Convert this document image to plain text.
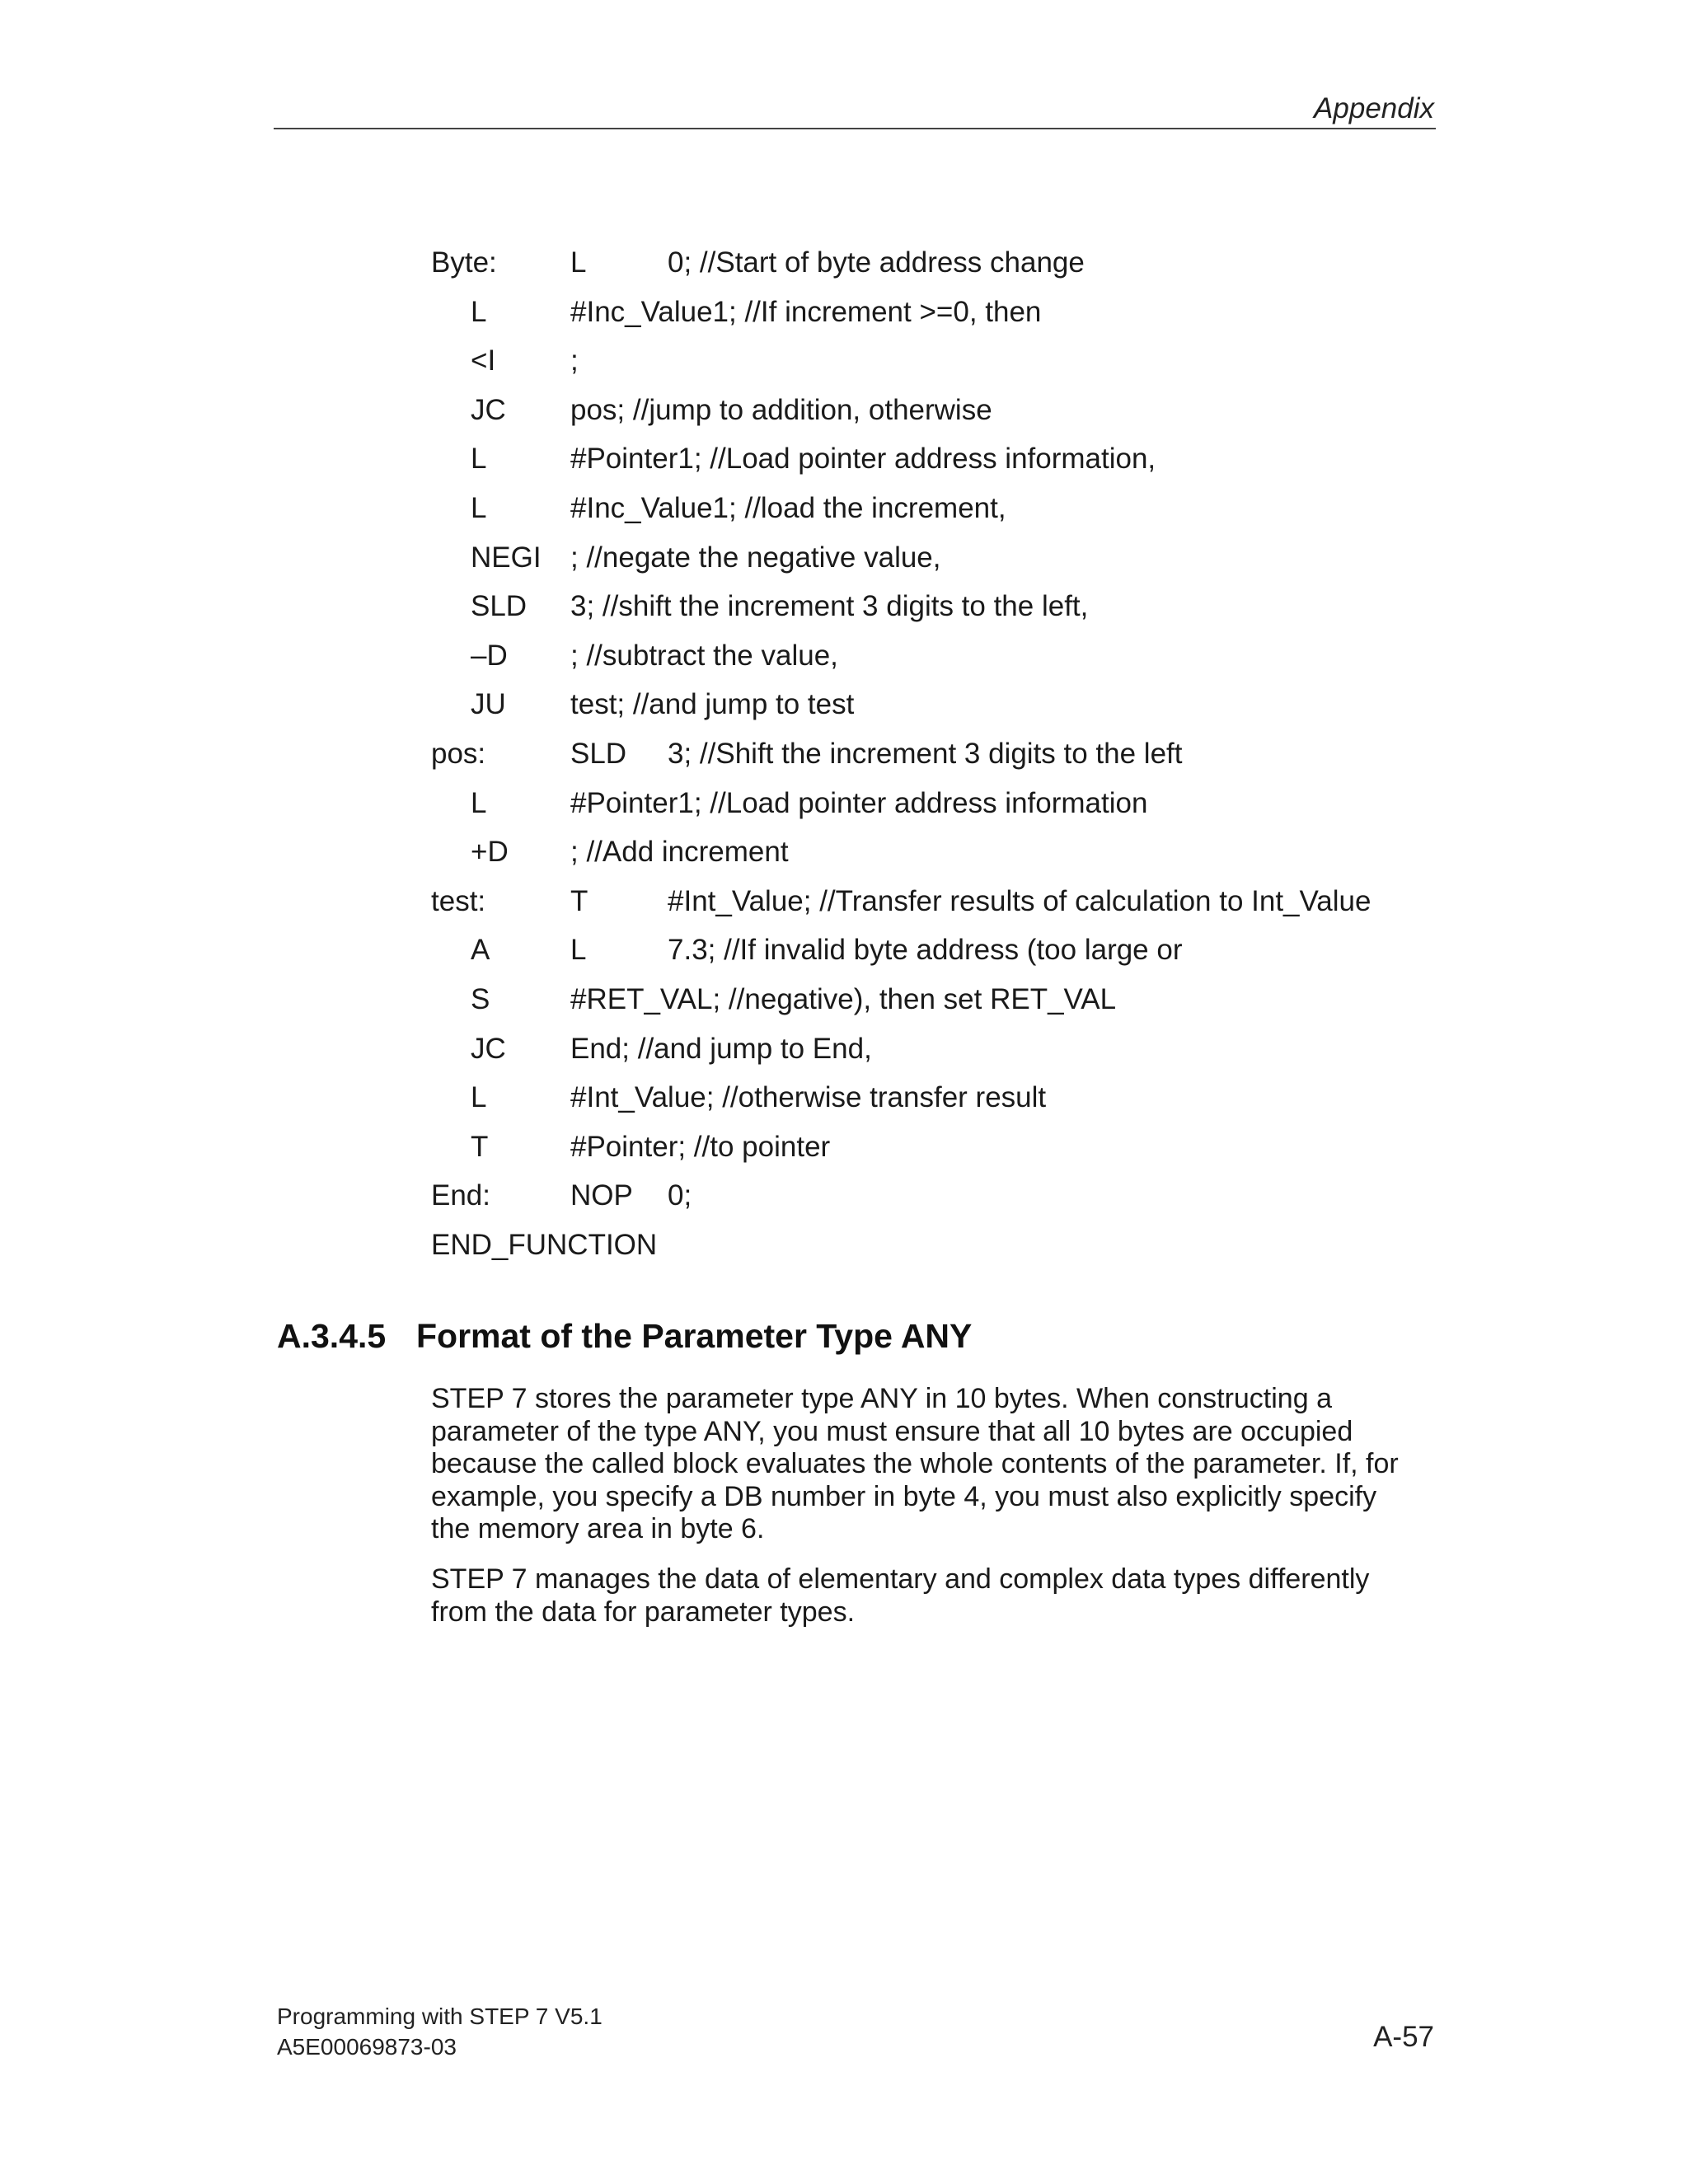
Appendix
Byte:	L	0; //Start of byte address change
L	#Inc_Value1; //If increment >=0, then
<I	;
JC pos; //jump to addition, otherwise
L	#Pointer1; //Load pointer address information,
L	#Inc_Value1; //load the increment,
NEGI ; //negate the negative value,
SLD 3; //shift the increment 3 digits to the left,
–D ; //subtract the value,
JU test; //and jump to test
pos:	SLD 3; //Shift the increment 3 digits to the left
L	#Pointer1; //Load pointer address information
+D ; //Add increment
test:	T	#Int_Value; //Transfer results of calculation to Int_Value
A	L	7.3; //If invalid byte address (too large or
S	#RET_VAL; //negative), then set RET_VAL
JC End; //and jump to End,
L	#Int_Value; //otherwise transfer result
T	#Pointer; //to pointer
End:	NOP 0;
END_FUNCTION
A.3.4.5 Format of the Parameter Type ANY

STEP 7 stores the parameter type ANY in 10 bytes. When constructing a parameter of the type ANY, you must ensure that all 10 bytes are occupied because the called block evaluates the whole contents of the parameter. If, for example, you specify a DB number in byte 4, you must also explicitly specify the memory area in byte 6.

STEP 7 manages the data of elementary and complex data types differently from the data for parameter types.

Programming with STEP 7 V5.1
A5E00069873-03	A-57
